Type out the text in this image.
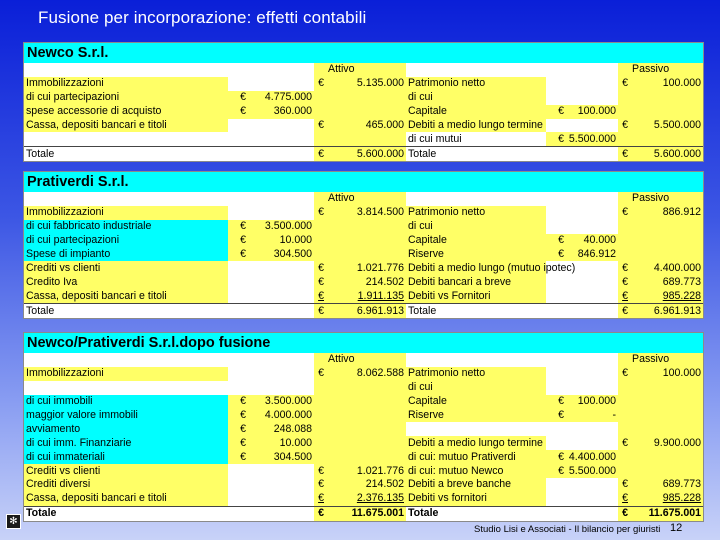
Fusione per incorporazione: effetti contabili
Newco S.r.l.									
				Attivo					Passivo
Immobilizzazioni			€	5.135.000	Patrimonio netto			€	100.000
di cui partecipazioni	€	4.775.000			di cui				
spese accessorie di acquisto	€	360.000			Capitale	€	100.000		
Cassa, depositi bancari e titoli			€	465.000	Debiti a medio lungo termine			€	5.500.000
					di cui mutui	€	5.500.000		
Totale			€	5.600.000	Totale			€	5.600.000
Prativerdi S.r.l.									
				Attivo					Passivo
Immobilizzazioni			€	3.814.500	Patrimonio netto			€	886.912
di cui fabbricato industriale	€	3.500.000			di cui				
di cui partecipazioni	€	10.000			Capitale	€	40.000		
Spese di impianto	€	304.500			Riserve	€	846.912		
Crediti vs clienti			€	1.021.776	Debiti a medio lungo (mutuo ipotec)			€	4.400.000
Credito Iva			€	214.502	Debiti bancari a breve			€	689.773
Cassa, depositi bancari e titoli			€	1.911.135	Debiti vs Fornitori			€	985.228
Totale			€	6.961.913	Totale			€	6.961.913
Newco/Prativerdi S.r.l.dopo fusione									
				Attivo					Passivo
Immobilizzazioni			€	8.062.588	Patrimonio netto			€	100.000
					di cui				
di cui immobili	€	3.500.000			Capitale	€	100.000		
maggior valore immobili	€	4.000.000			Riserve	€	-		
avviamento	€	248.088							
di cui imm. Finanziarie	€	10.000			Debiti a medio lungo termine			€	9.900.000
di cui immateriali	€	304.500			di cui: mutuo Prativerdi	€	4.400.000		
Crediti vs clienti			€	1.021.776	di cui: mutuo Newco	€	5.500.000		
Crediti diversi			€	214.502	Debiti a breve banche			€	689.773
Cassa, depositi bancari e titoli			€	2.376.135	Debiti vs fornitori			€	985.228
Totale			€	11.675.001	Totale			€	11.675.001
✻
Studio Lisi e Associati - Il bilancio per giuristi 12
